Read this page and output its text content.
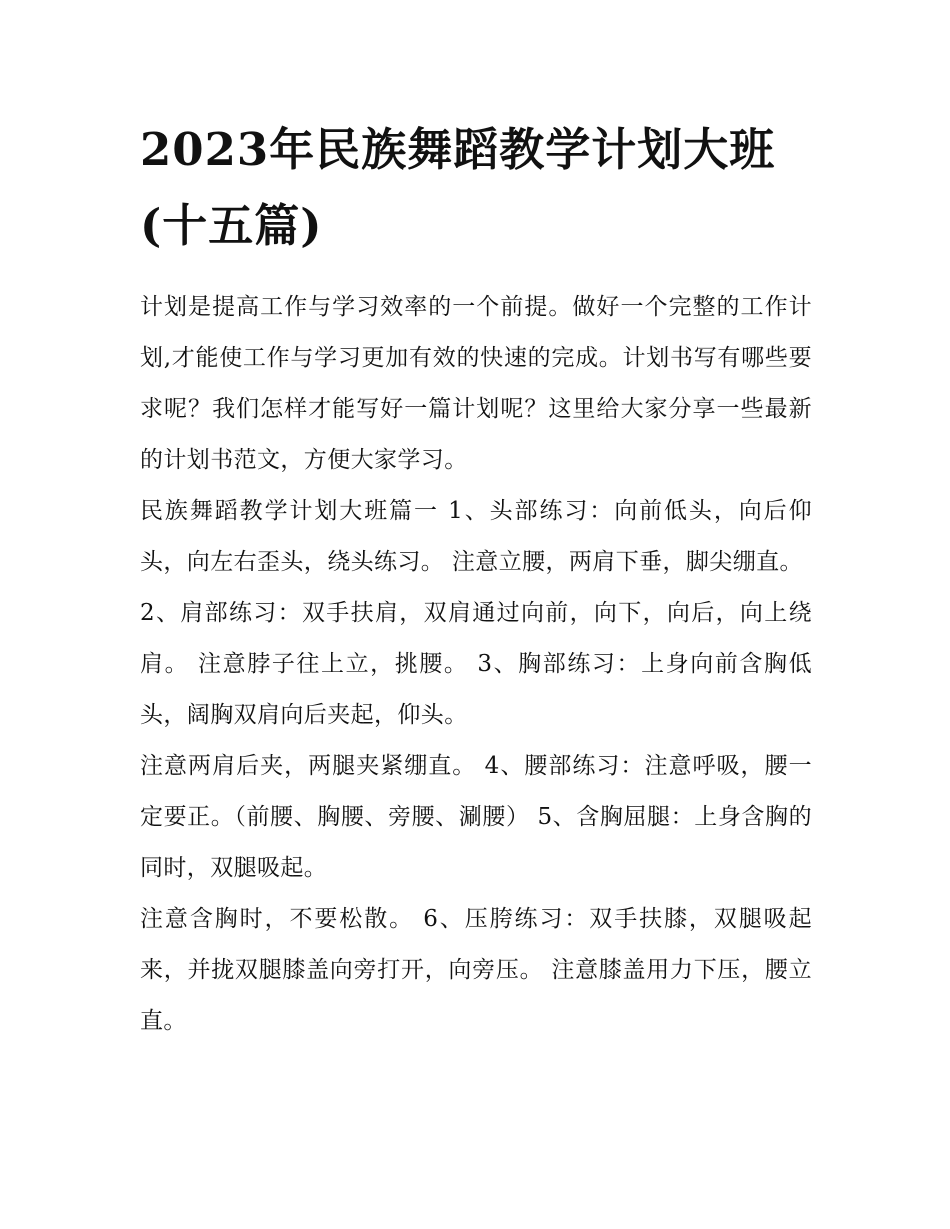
2023年民族舞蹈教学计划大班(十五篇)

计划是提高工作与学习效率的一个前提。做好一个完整的工作计划,才能使工作与学习更加有效的快速的完成。计划书写有哪些要求呢？我们怎样才能写好一篇计划呢？这里给大家分享一些最新的计划书范文，方便大家学习。

民族舞蹈教学计划大班篇一 1、头部练习：向前低头，向后仰头，向左右歪头，绕头练习。 注意立腰，两肩下垂，脚尖绷直。

2、肩部练习：双手扶肩，双肩通过向前，向下，向后，向上绕肩。 注意脖子往上立，挑腰。 3、胸部练习：上身向前含胸低头，阔胸双肩向后夹起，仰头。

注意两肩后夹，两腿夹紧绷直。 4、腰部练习：注意呼吸，腰一定要正。（前腰、胸腰、旁腰、涮腰） 5、含胸屈腿：上身含胸的同时，双腿吸起。

注意含胸时，不要松散。 6、压胯练习：双手扶膝，双腿吸起来，并拢双腿膝盖向旁打开，向旁压。 注意膝盖用力下压，腰立直。
